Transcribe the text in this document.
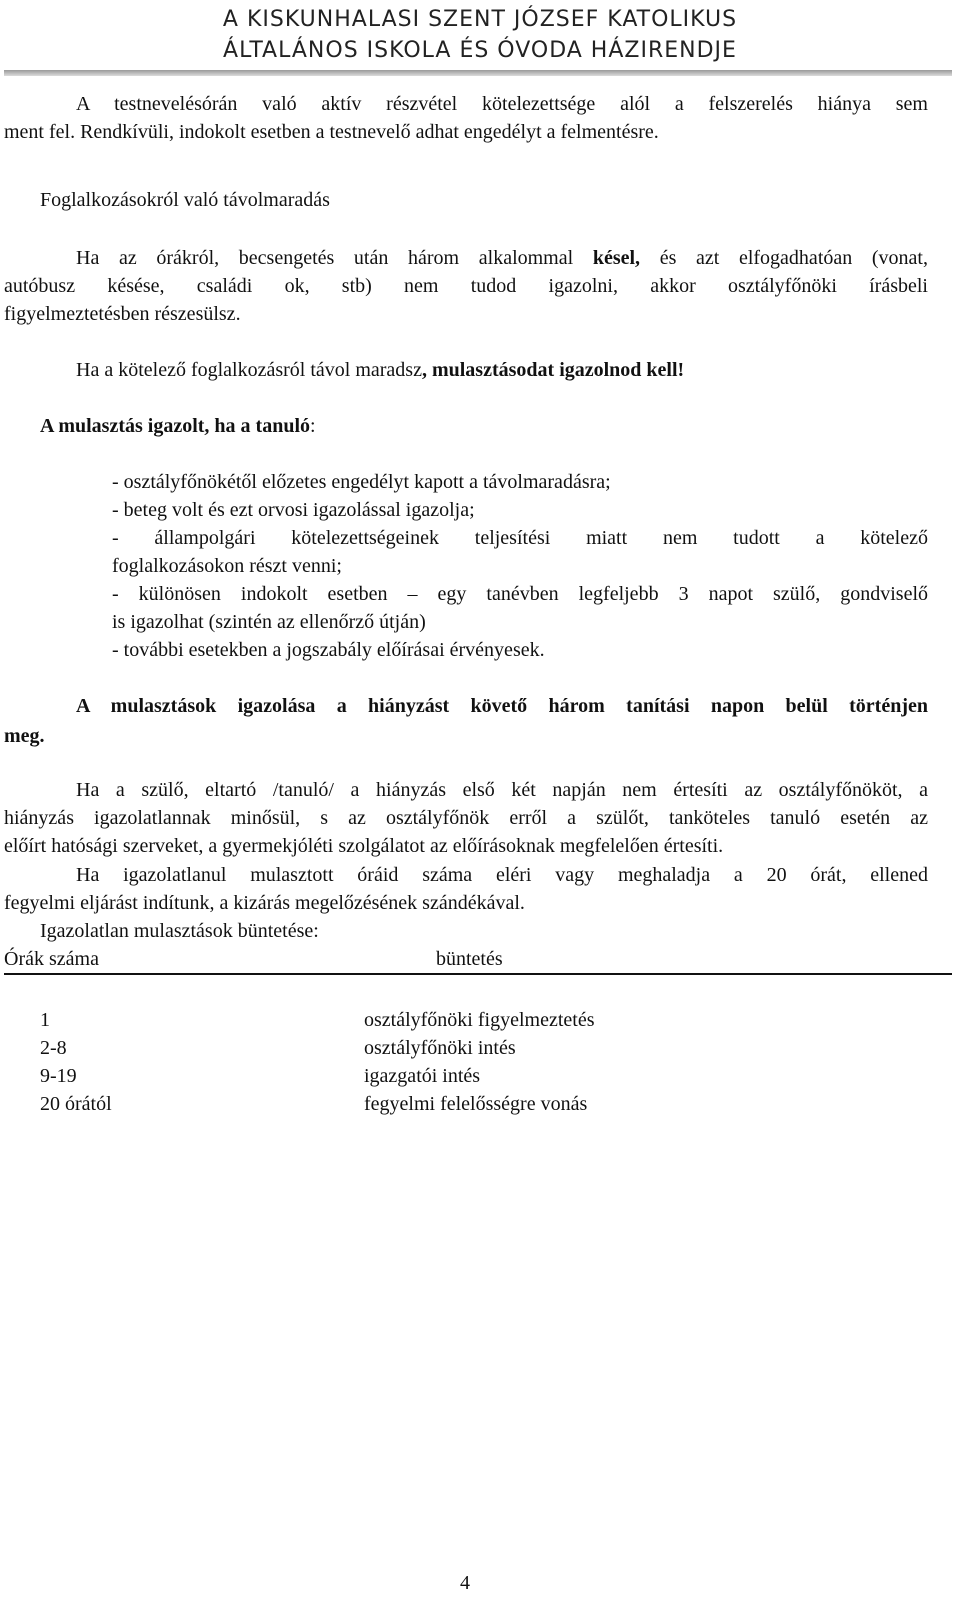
A KISKUNHALASI SZENT JÓZSEF KATOLIKUS
ÁLTALÁNOS ISKOLA ÉS ÓVODA HÁZIRENDJE
A testnevelésórán való aktív részvétel kötelezettsége alól a felszerelés hiánya sem
ment fel. Rendkívüli, indokolt esetben a testnevelő adhat engedélyt a felmentésre.
Foglalkozásokról való távolmaradás
Ha az órákról, becsengetés után három alkalommal késel, és azt elfogadhatóan (vonat,
autóbusz késése, családi ok, stb) nem tudod igazolni, akkor osztályfőnöki írásbeli
figyelmeztetésben részesülsz.
Ha a kötelező foglalkozásról távol maradsz, mulasztásodat igazolnod kell!
A mulasztás igazolt, ha a tanuló:
- osztályfőnökétől előzetes engedélyt kapott a távolmaradásra;
- beteg volt és ezt orvosi igazolással igazolja;
- állampolgári kötelezettségeinek teljesítési miatt nem tudott a kötelező
foglalkozásokon részt venni;
- különösen indokolt esetben – egy tanévben legfeljebb 3 napot szülő, gondviselő
is igazolhat (szintén az ellenőrző útján)
- további esetekben a jogszabály előírásai érvényesek.
A mulasztások igazolása a hiányzást követő három tanítási napon belül történjen
meg.
Ha a szülő, eltartó /tanuló/ a hiányzás első két napján nem értesíti az osztályfőnököt, a
hiányzás igazolatlannak minősül, s az osztályfőnök erről a szülőt, tanköteles tanuló esetén az
előírt hatósági szerveket, a gyermekjóléti szolgálatot az előírásoknak megfelelően értesíti.
Ha igazolatlanul mulasztott óráid száma eléri vagy meghaladja a 20 órát, ellened
fegyelmi eljárást indítunk, a kizárás megelőzésének szándékával.
Igazolatlan mulasztások büntetése:
Órák száma	büntetés
1	osztályfőnöki figyelmeztetés
2-8	osztályfőnöki intés
9-19	igazgatói intés
20 órától	fegyelmi felelősségre vonás
4
